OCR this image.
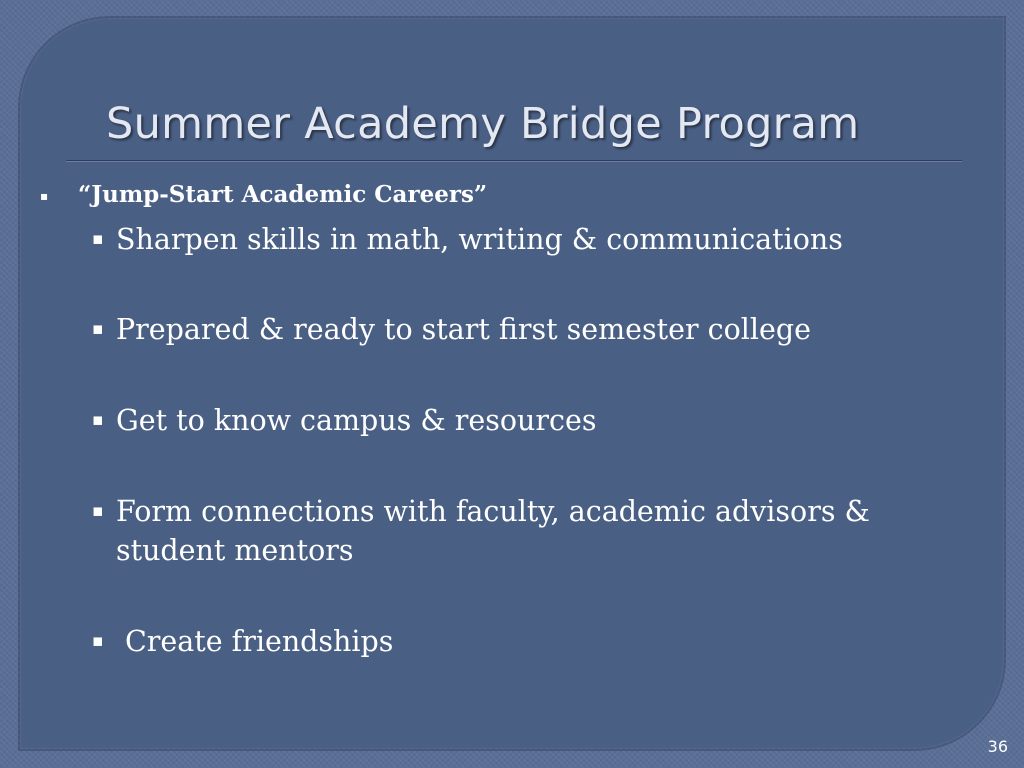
Summer Academy Bridge Program
▪ “Jump-Start Academic Careers”
▪ Sharpen skills in math, writing & communications
▪ Prepared & ready to start first semester college
▪ Get to know campus & resources
▪ Form connections with faculty, academic advisors & student mentors
▪ Create friendships
36
